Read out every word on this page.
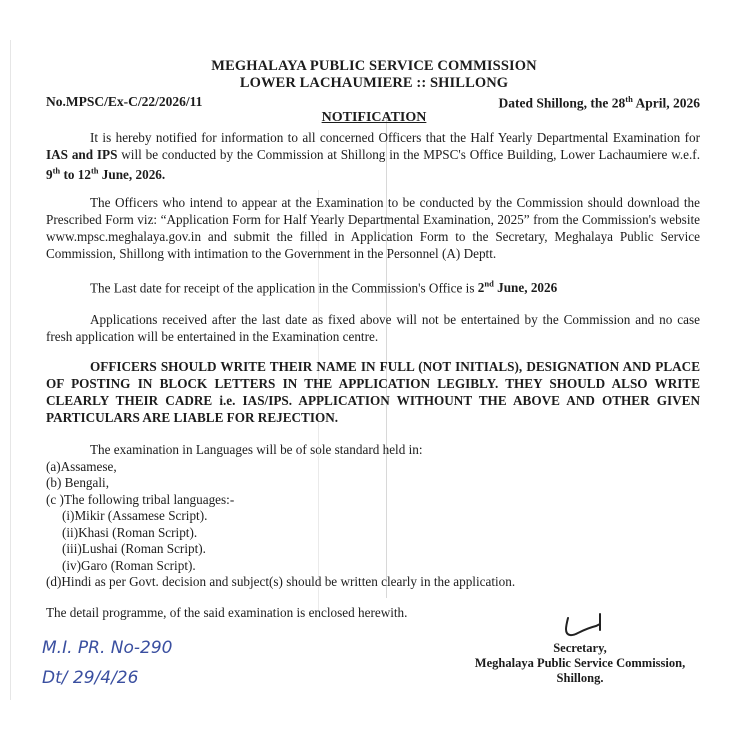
MEGHALAYA PUBLIC SERVICE COMMISSION
LOWER LACHAUMIERE :: SHILLONG
No.MPSC/Ex-C/22/2026/11	Dated Shillong, the 28th April, 2026
NOTIFICATION
It is hereby notified for information to all concerned Officers that the Half Yearly Departmental Examination for IAS and IPS will be conducted by the Commission at Shillong in the MPSC's Office Building, Lower Lachaumiere w.e.f. 9th to 12th June, 2026.
The Officers who intend to appear at the Examination to be conducted by the Commission should download the Prescribed Form viz: “Application Form for Half Yearly Departmental Examination, 2025” from the Commission's website www.mpsc.meghalaya.gov.in and submit the filled in Application Form to the Secretary, Meghalaya Public Service Commission, Shillong with intimation to the Government in the Personnel (A) Deptt.
The Last date for receipt of the application in the Commission's Office is 2nd June, 2026
Applications received after the last date as fixed above will not be entertained by the Commission and no case fresh application will be entertained in the Examination centre.
OFFICERS SHOULD WRITE THEIR NAME IN FULL (NOT INITIALS), DESIGNATION AND PLACE OF POSTING IN BLOCK LETTERS IN THE APPLICATION LEGIBLY. THEY SHOULD ALSO WRITE CLEARLY THEIR CADRE i.e. IAS/IPS. APPLICATION WITHOUNT THE ABOVE AND OTHER GIVEN PARTICULARS ARE LIABLE FOR REJECTION.
The examination in Languages will be of sole standard held in:
(a)Assamese,
(b) Bengali,
(c )The following tribal languages:-
(i)Mikir (Assamese Script).
(ii)Khasi (Roman Script).
(iii)Lushai (Roman Script).
(iv)Garo (Roman Script).
(d)Hindi as per Govt. decision and subject(s) should be written clearly in the application.
The detail programme, of the said examination is enclosed herewith.
M.I. PR. No-290
Dt/ 29/4/26
Secretary,
Meghalaya Public Service Commission,
Shillong.
